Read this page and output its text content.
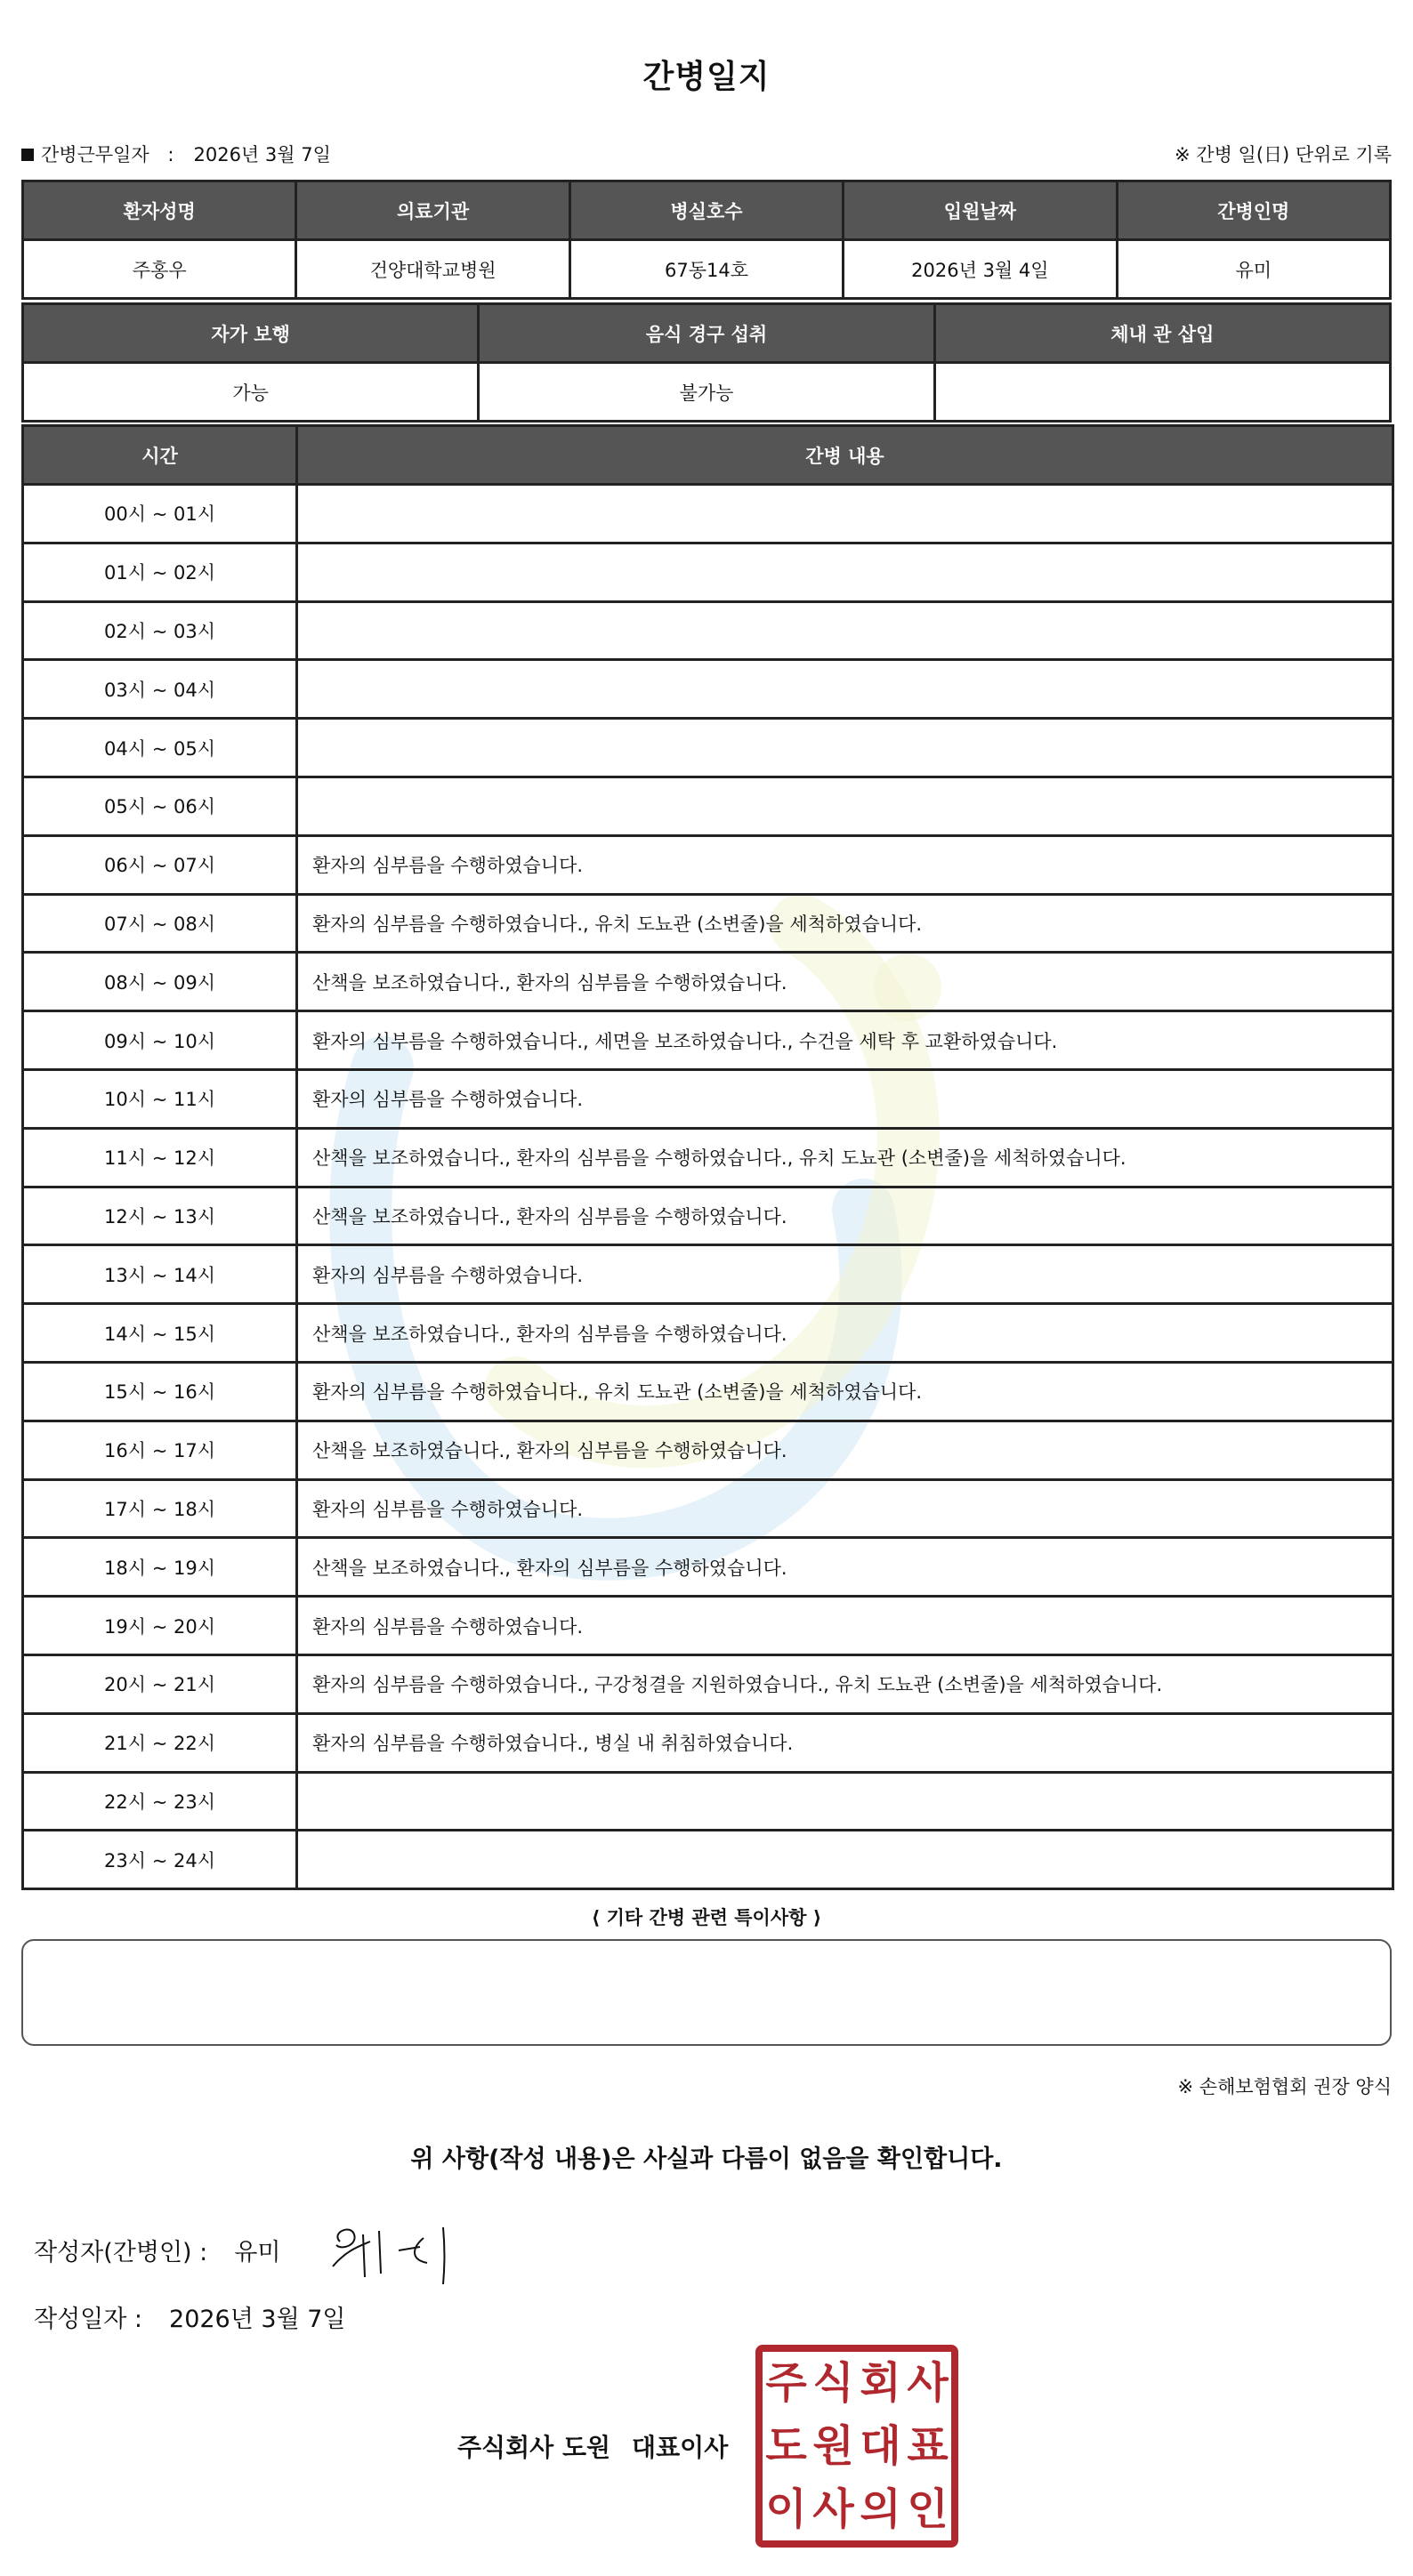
간병일지
간병근무일자 : 2026년 3월 7일	※ 간병 일(日) 단위로 기록
환자성명	의료기관	병실호수	입원날짜	간병인명
주홍우	건양대학교병원	67동14호	2026년 3월 4일	유미
자가 보행	음식 경구 섭취	체내 관 삽입
가능	불가능	
시간	간병 내용
00시 ~ 01시	
01시 ~ 02시	
02시 ~ 03시	
03시 ~ 04시	
04시 ~ 05시	
05시 ~ 06시	
06시 ~ 07시	환자의 심부름을 수행하였습니다.
07시 ~ 08시	환자의 심부름을 수행하였습니다., 유치 도뇨관 (소변줄)을 세척하였습니다.
08시 ~ 09시	산책을 보조하였습니다., 환자의 심부름을 수행하였습니다.
09시 ~ 10시	환자의 심부름을 수행하였습니다., 세면을 보조하였습니다., 수건을 세탁 후 교환하였습니다.
10시 ~ 11시	환자의 심부름을 수행하였습니다.
11시 ~ 12시	산책을 보조하였습니다., 환자의 심부름을 수행하였습니다., 유치 도뇨관 (소변줄)을 세척하였습니다.
12시 ~ 13시	산책을 보조하였습니다., 환자의 심부름을 수행하였습니다.
13시 ~ 14시	환자의 심부름을 수행하였습니다.
14시 ~ 15시	산책을 보조하였습니다., 환자의 심부름을 수행하였습니다.
15시 ~ 16시	환자의 심부름을 수행하였습니다., 유치 도뇨관 (소변줄)을 세척하였습니다.
16시 ~ 17시	산책을 보조하였습니다., 환자의 심부름을 수행하였습니다.
17시 ~ 18시	환자의 심부름을 수행하였습니다.
18시 ~ 19시	산책을 보조하였습니다., 환자의 심부름을 수행하였습니다.
19시 ~ 20시	환자의 심부름을 수행하였습니다.
20시 ~ 21시	환자의 심부름을 수행하였습니다., 구강청결을 지원하였습니다., 유치 도뇨관 (소변줄)을 세척하였습니다.
21시 ~ 22시	환자의 심부름을 수행하였습니다., 병실 내 취침하였습니다.
22시 ~ 23시	
23시 ~ 24시	
⟨ 기타 간병 관련 특이사항 ⟩
※ 손해보험협회 권장 양식
위 사항(작성 내용)은 사실과 다름이 없음을 확인합니다.
작성자(간병인) : 유미
작성일자 : 2026년 3월 7일
주식회사 도원 대표이사
주 식 회 사
도 원 대 표
이 사 의 인
